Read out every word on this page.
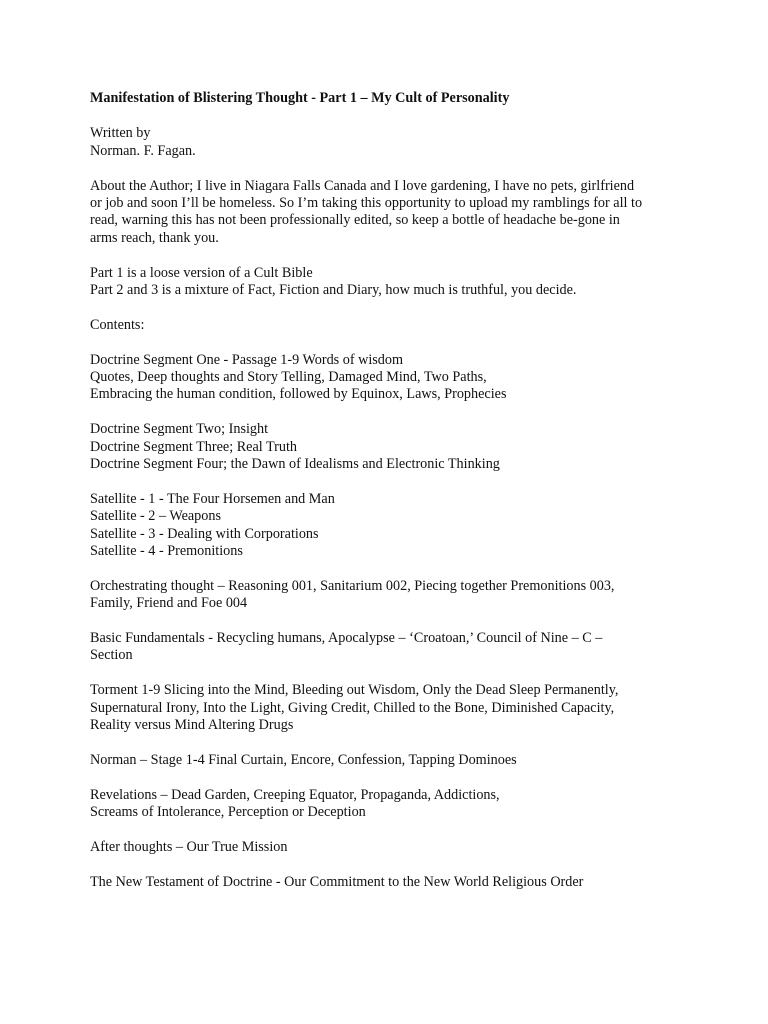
Manifestation of Blistering Thought - Part 1 – My Cult of Personality
Written by
Norman. F. Fagan.
About the Author; I live in Niagara Falls Canada and I love gardening, I have no pets, girlfriend
or job and soon I’ll be homeless. So I’m taking this opportunity to upload my ramblings for all to
read, warning this has not been professionally edited, so keep a bottle of headache be-gone in
arms reach, thank you.
Part 1 is a loose version of a Cult Bible
Part 2 and 3 is a mixture of Fact, Fiction and Diary, how much is truthful, you decide.
Contents:
Doctrine Segment One - Passage 1-9 Words of wisdom
Quotes, Deep thoughts and Story Telling, Damaged Mind, Two Paths,
Embracing the human condition, followed by Equinox, Laws, Prophecies
Doctrine Segment Two; Insight
Doctrine Segment Three; Real Truth
Doctrine Segment Four; the Dawn of Idealisms and Electronic Thinking
Satellite - 1 - The Four Horsemen and Man
Satellite - 2 – Weapons
Satellite - 3 - Dealing with Corporations
Satellite - 4 - Premonitions
Orchestrating thought – Reasoning 001, Sanitarium 002, Piecing together Premonitions 003,
Family, Friend and Foe 004
Basic Fundamentals - Recycling humans, Apocalypse – ‘Croatoan,’ Council of Nine – C –
Section
Torment 1-9 Slicing into the Mind, Bleeding out Wisdom, Only the Dead Sleep Permanently,
Supernatural Irony, Into the Light, Giving Credit, Chilled to the Bone, Diminished Capacity,
Reality versus Mind Altering Drugs
Norman – Stage 1-4 Final Curtain, Encore, Confession, Tapping Dominoes
Revelations – Dead Garden, Creeping Equator, Propaganda, Addictions,
Screams of Intolerance, Perception or Deception
After thoughts – Our True Mission
The New Testament of Doctrine - Our Commitment to the New World Religious Order
